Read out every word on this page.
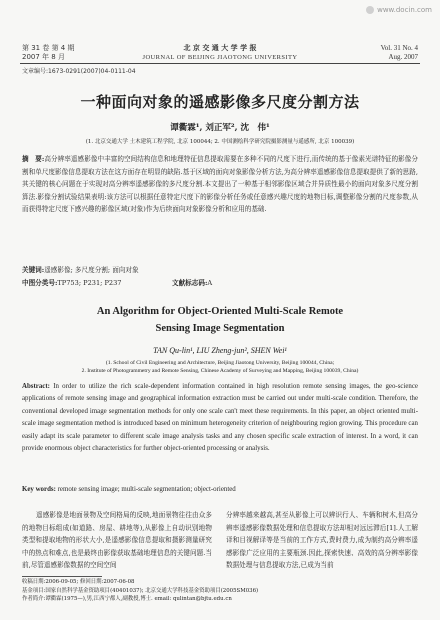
www.docin.com
第 31 卷 第 4 期
2007 年 8 月
北 京 交 通 大 学 学 报
JOURNAL OF BEIJING JIAOTONG UNIVERSITY
Vol. 31 No. 4
Aug. 2007
文章编号:1673-0291(2007)04-0111-04
一种面向对象的遥感影像多尺度分割方法
谭衢霖¹, 刘正军², 沈　伟¹
(1. 北京交通大学 土木建筑工程学院, 北京 100044; 2. 中国测绘科学研究院摄影测量与遥感所, 北京 100039)
摘　要:高分辨率遥感影像中丰富的空间结构信息和地理特征信息提取需要在多种不同的尺度下进行,而传统的基于像素光谱特征的影像分割和单尺度影像信息提取方法在这方面存在明显的缺陷.基于区域的面向对象影像分析方法,为高分辨率遥感影像信息提取提供了新的思路,其关键的核心问题在于实现对高分辨率遥感影像的多尺度分割.本文提出了一种基于相邻影像区域合并异质性最小的面向对象多尺度分割算法.影像分割试验结果表明:该方法可以根据任意特定尺度下的影像分析任务或任意感兴趣尺度的地物目标,调整影像分割的尺度参数,从而获得特定尺度下感兴趣的影像区域(对象)作为后续面向对象影像分析和应用的基础.
关键词:遥感影像; 多尺度分割; 面向对象
中图分类号:TP753; P231; P237	文献标志码:A
An Algorithm for Object-Oriented Multi-Scale Remote
Sensing Image Segmentation
TAN Qu-lin¹, LIU Zheng-jun², SHEN Wei¹
(1. School of Civil Engineering and Architecture, Beijing Jiaotong University, Beijing 100044, China;
2. Institute of Photogrammetry and Remote Sensing, Chinese Academy of Surveying and Mapping, Beijing 100039, China)
Abstract: In order to utilize the rich scale-dependent information contained in high resolution remote sensing images, the geo-science applications of remote sensing image and geographical information extraction must be carried out under multi-scale condition. Therefore, the conventional developed image segmentation methods for only one scale can't meet these requirements. In this paper, an object oriented multi-scale image segmentation method is introduced based on minimum heterogeneity criterion of neighbouring region growing. This procedure can easily adapt its scale parameter to different scale image analysis tasks and any chosen specific scale extraction of interest. In a word, it can provide enormous object characteristics for further object-oriented processing or analysis.
Key words: remote sensing image; multi-scale segmentation; object-oriented
遥感影像是地面景物及空间格局的反映,地面景物往往由众多的地物目标组成(如道路、房屋、耕地等),从影像上自动识别地物类型和提取地物的形状大小,是遥感影像信息提取和摄影测量研究中的热点和难点,也是最终由影像获取基础地理信息的关键问题.当前,尽管遥感影像数据的空间空间
分辨率越来越高,甚至从影像上可以辨识行人、车辆和树木,但高分辨率遥感影像数据处理和信息提取方法却相对远远滞后[1].人工解译和目视解译等是当前的工作方式,费时费力,成为制约高分辨率遥感影像广泛应用的主要瓶颈.因此,探索快速、高效的高分辨率影像数据处理与信息提取方法,已成为当前
收稿日期:2006-09-05; 修回日期:2007-06-08
基金项目:国家自然科学基金资助项目(40401037); 北京交通大学科技基金资助项目(2005SM036)
作者简介:谭衢霖(1975—),男,江西宁都人,副教授,博士. email: qulintan@bjtu.edu.cn
